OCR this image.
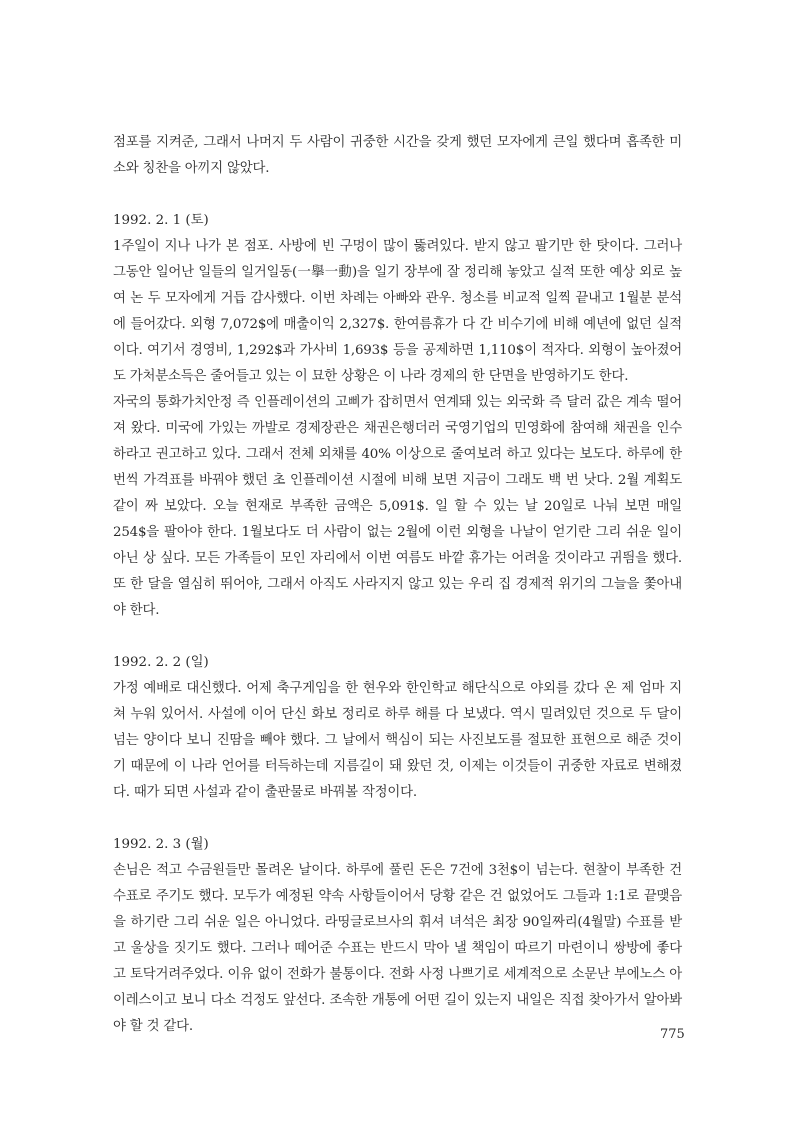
점포를 지켜준, 그래서 나머지 두 사람이 귀중한 시간을 갖게 했던 모자에게 큰일 했다며 흡족한 미소와 칭찬을 아끼지 않았다.

1992. 2. 1 (토)

1주일이 지나 나가 본 점포. 사방에 빈 구멍이 많이 뚫려있다. 받지 않고 팔기만 한 탓이다. 그러나 그동안 일어난 일들의 일거일동(一擧一動)을 일기 장부에 잘 정리해 놓았고 실적 또한 예상 외로 높여 논 두 모자에게 거듭 감사했다. 이번 차례는 아빠와 관우. 청소를 비교적 일찍 끝내고 1월분 분석에 들어갔다. 외형 7,072$에 매출이익 2,327$. 한여름휴가 다 간 비수기에 비해 예년에 없던 실적이다. 여기서 경영비, 1,292$과 가사비 1,693$ 등을 공제하면 1,110$이 적자다. 외형이 높아졌어도 가처분소득은 줄어들고 있는 이 묘한 상황은 이 나라 경제의 한 단면을 반영하기도 한다.

자국의 통화가치안정 즉 인플레이션의 고삐가 잡히면서 연계돼 있는 외국화 즉 달러 값은 계속 떨어져 왔다. 미국에 가있는 까발로 경제장관은 채권은행더러 국영기업의 민영화에 참여해 채권을 인수하라고 권고하고 있다. 그래서 전체 외채를 40% 이상으로 줄여보려 하고 있다는 보도다. 하루에 한 번씩 가격표를 바꿔야 했던 초 인플레이션 시절에 비해 보면 지금이 그래도 백 번 낫다. 2월 계획도 같이 짜 보았다. 오늘 현재로 부족한 금액은 5,091$. 일 할 수 있는 날 20일로 나눠 보면 매일 254$을 팔아야 한다. 1월보다도 더 사람이 없는 2월에 이런 외형을 나날이 얻기란 그리 쉬운 일이 아닌 상 싶다. 모든 가족들이 모인 자리에서 이번 여름도 바깥 휴가는 어려울 것이라고 귀띔을 했다. 또 한 달을 열심히 뛰어야, 그래서 아직도 사라지지 않고 있는 우리 집 경제적 위기의 그늘을 쫓아내야 한다.

1992. 2. 2 (일)

가정 예배로 대신했다. 어제 축구게임을 한 현우와 한인학교 해단식으로 야외를 갔다 온 제 엄마 지쳐 누워 있어서. 사설에 이어 단신 화보 정리로 하루 해를 다 보냈다. 역시 밀려있던 것으로 두 달이 넘는 양이다 보니 진땀을 빼야 했다. 그 날에서 핵심이 되는 사진보도를 절묘한 표현으로 해준 것이기 때문에 이 나라 언어를 터득하는데 지름길이 돼 왔던 것, 이제는 이것들이 귀중한 자료로 변해졌다. 때가 되면 사설과 같이 출판물로 바꿔볼 작정이다.

1992. 2. 3 (월)

손님은 적고 수금원들만 몰려온 날이다. 하루에 풀린 돈은 7건에 3천$이 넘는다. 현찰이 부족한 건 수표로 주기도 했다. 모두가 예정된 약속 사항들이어서 당황 같은 건 없었어도 그들과 1:1로 끝맺음을 하기란 그리 쉬운 일은 아니었다. 라띵글로브사의 휘셔 녀석은 최장 90일짜리(4월말) 수표를 받고 울상을 짓기도 했다. 그러나 떼어준 수표는 반드시 막아 낼 책임이 따르기 마련이니 쌍방에 좋다고 토닥거려주었다. 이유 없이 전화가 불통이다. 전화 사정 나쁘기로 세계적으로 소문난 부에노스 아이레스이고 보니 다소 걱정도 앞선다. 조속한 개통에 어떤 길이 있는지 내일은 직접 찾아가서 알아봐야 할 것 같다.

775
